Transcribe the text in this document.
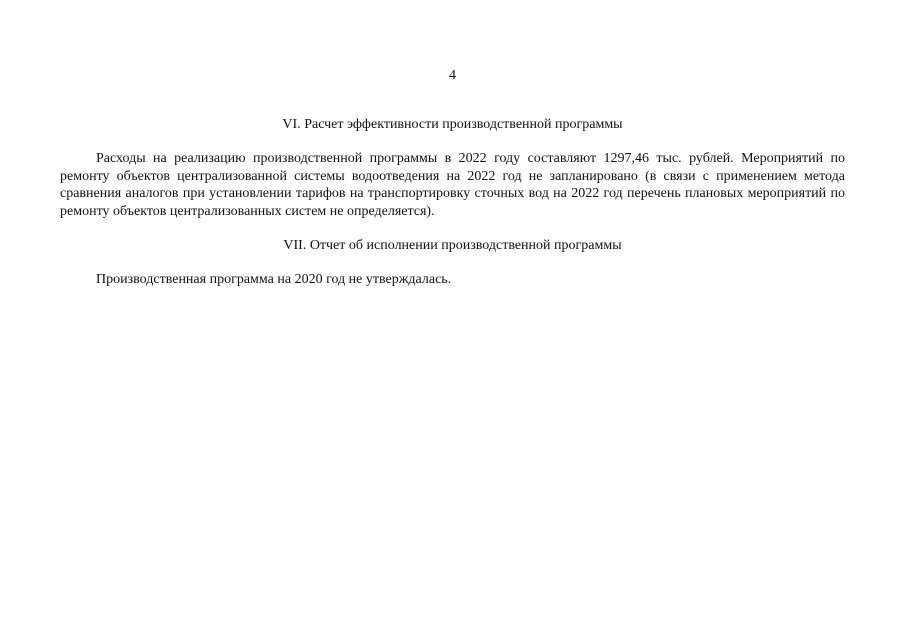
4

VI. Расчет эффективности производственной программы

Расходы на реализацию производственной программы в 2022 году составляют 1297,46 тыс. рублей. Мероприятий по ремонту объектов централизованной системы водоотведения на 2022 год не запланировано (в связи с применением метода сравнения аналогов при установлении тарифов на транспортировку сточных вод на 2022 год перечень плановых мероприятий по ремонту объектов централизованных систем не определяется).

VII. Отчет об исполнении производственной программы

Производственная программа на 2020 год не утверждалась.
